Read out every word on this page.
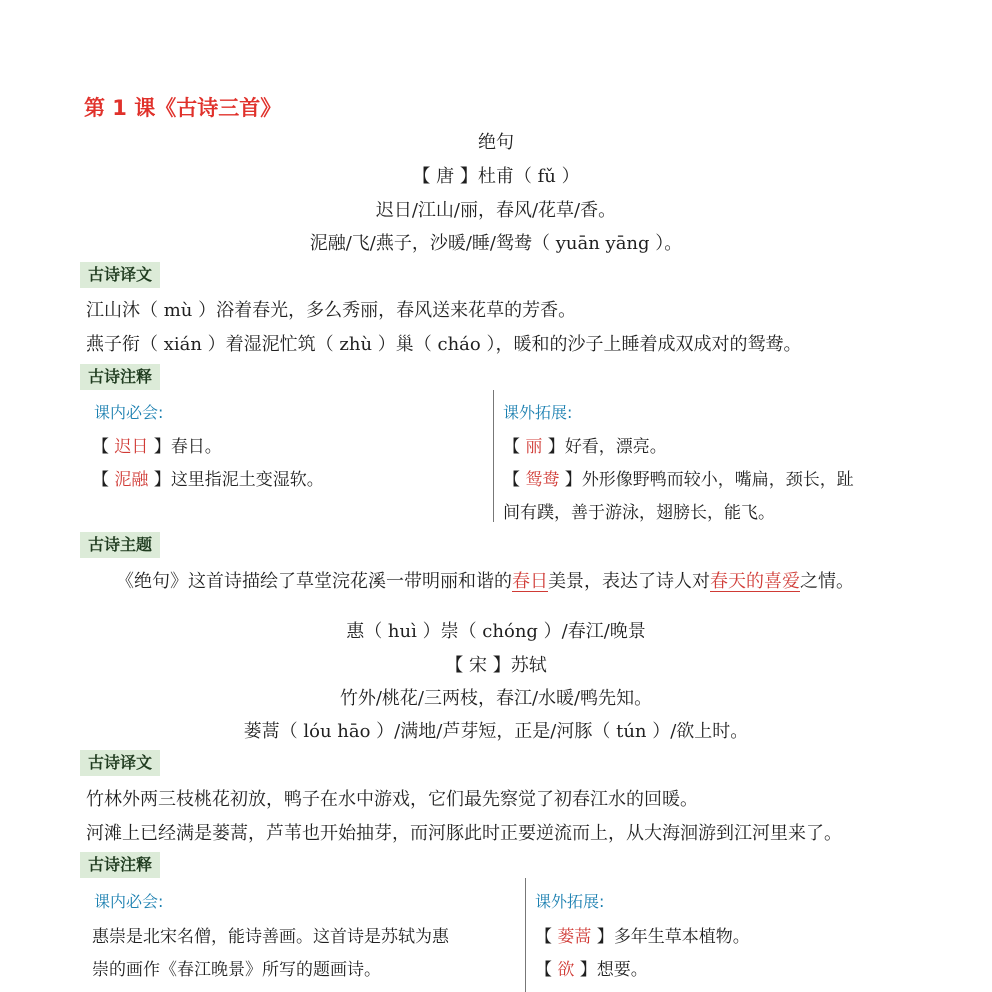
第 1 课《古诗三首》
绝句
【 唐 】杜甫（ fǔ ）
迟日/江山/丽，春风/花草/香。
泥融/飞/燕子，沙暖/睡/鸳鸯（ yuān yāng ）。
古诗译文
江山沐（ mù ）浴着春光，多么秀丽，春风送来花草的芳香。
燕子衔（ xián ）着湿泥忙筑（ zhù ）巢（ cháo ），暖和的沙子上睡着成双成对的鸳鸯。
古诗注释
课内必会:	课外拓展:
【 迟日 】春日。
【 泥融 】这里指泥土变湿软。
【 丽 】好看，漂亮。
【 鸳鸯 】外形像野鸭而较小，嘴扁，颈长，趾
间有蹼，善于游泳，翅膀长，能飞。
古诗主题
《绝句》这首诗描绘了草堂浣花溪一带明丽和谐的春日美景，表达了诗人对春天的喜爱之情。
惠（ huì ）崇（ chóng ）/春江/晚景
【 宋 】苏轼
竹外/桃花/三两枝，春江/水暖/鸭先知。
蒌蒿（ lóu hāo ）/满地/芦芽短，正是/河豚（ tún ）/欲上时。
古诗译文
竹林外两三枝桃花初放，鸭子在水中游戏，它们最先察觉了初春江水的回暖。
河滩上已经满是蒌蒿，芦苇也开始抽芽，而河豚此时正要逆流而上，从大海洄游到江河里来了。
古诗注释
课内必会:	课外拓展:
惠崇是北宋名僧，能诗善画。这首诗是苏轼为惠
崇的画作《春江晚景》所写的题画诗。
【 蒌蒿 】多年生草本植物。
【 欲 】想要。
